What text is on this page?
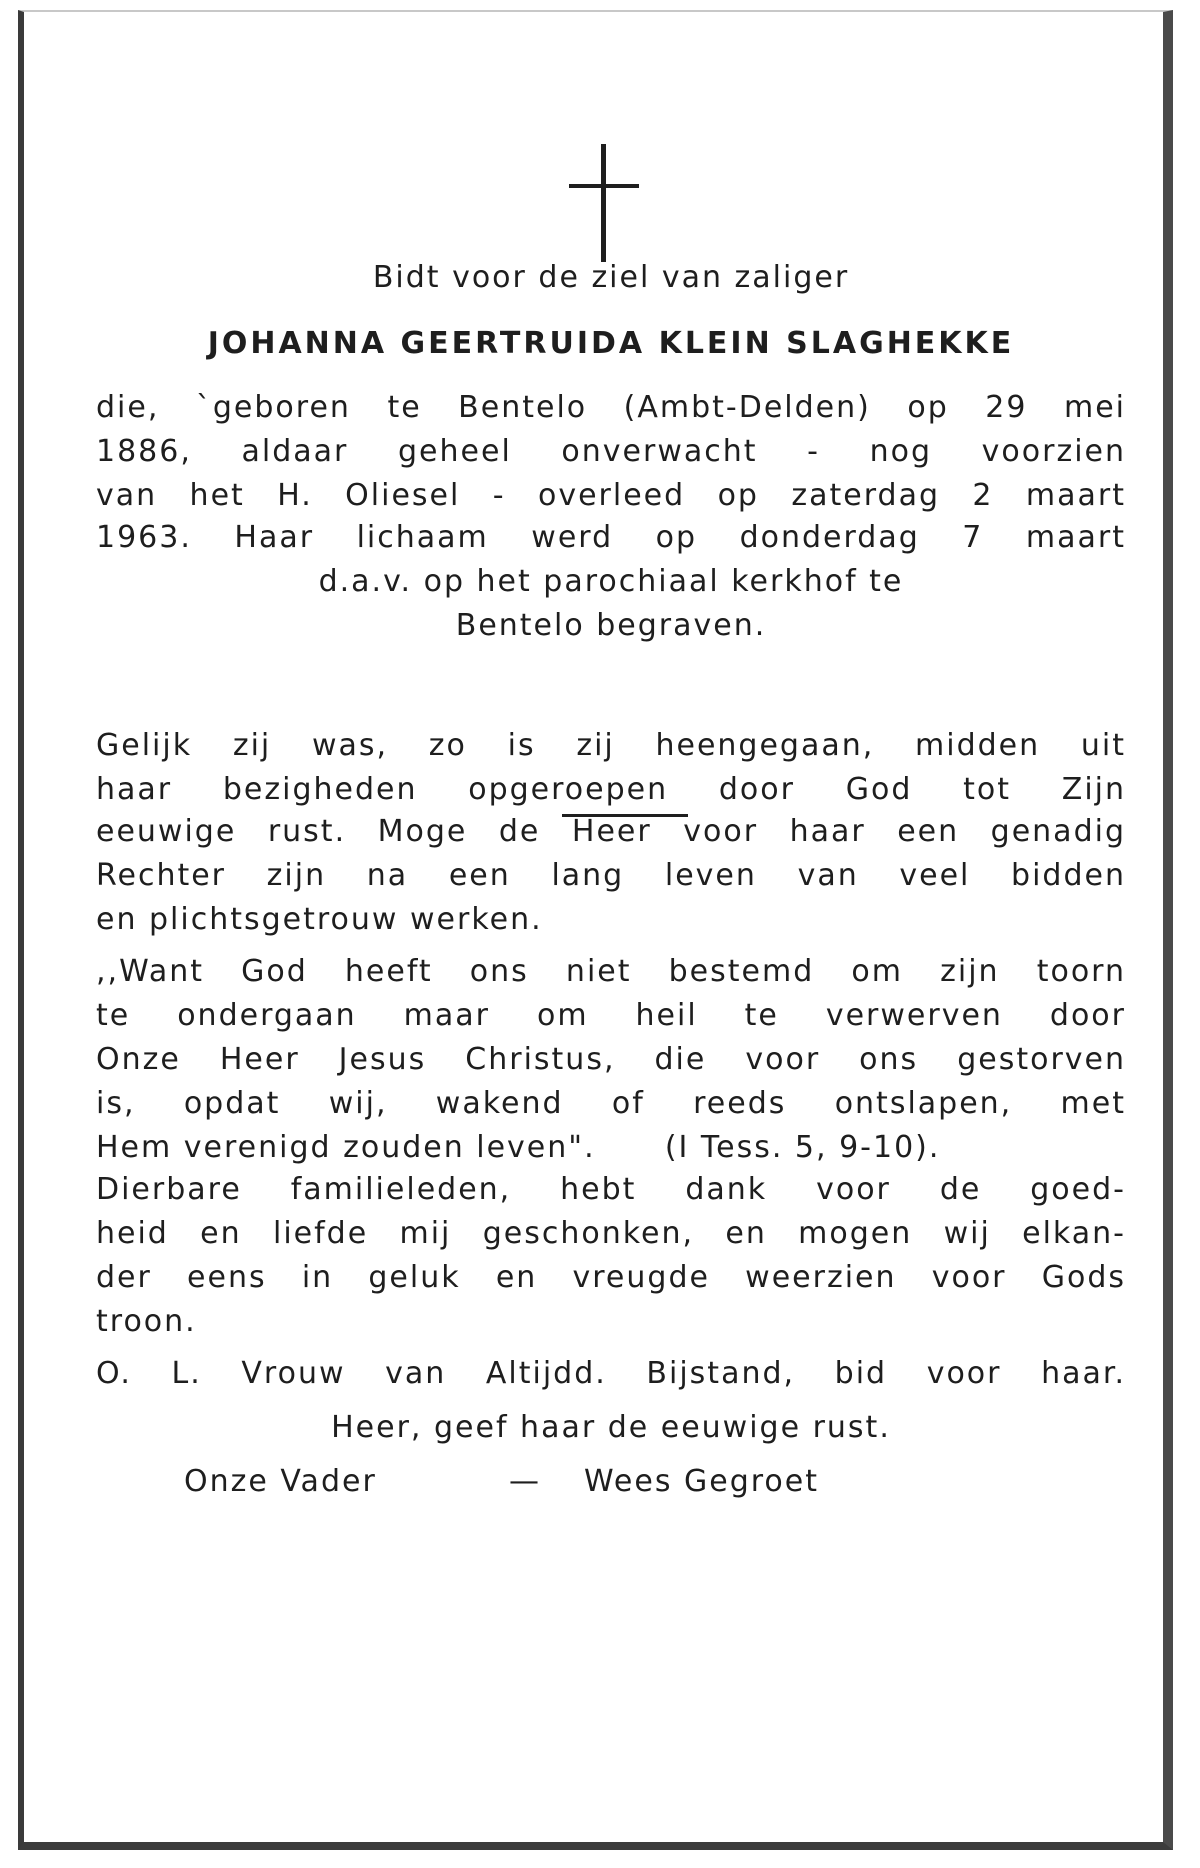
Bidt voor de ziel van zaliger
JOHANNA GEERTRUIDA KLEIN SLAGHEKKE
die, `geboren te Bentelo (Ambt-Delden) op 29 mei
1886, aldaar geheel onverwacht - nog voorzien
van het H. Oliesel - overleed op zaterdag 2 maart
1963. Haar lichaam werd op donderdag 7 maart
d.a.v. op het parochiaal kerkhof te
Bentelo begraven.
Gelijk zij was, zo is zij heengegaan, midden uit
haar bezigheden opgeroepen door God tot Zijn
eeuwige rust. Moge de Heer voor haar een genadig
Rechter zijn na een lang leven van veel bidden
en plichtsgetrouw werken.
,,Want God heeft ons niet bestemd om zijn toorn
te ondergaan maar om heil te verwerven door
Onze Heer Jesus Christus, die voor ons gestorven
is, opdat wij, wakend of reeds ontslapen, met
Hem verenigd zouden leven".      (I Tess. 5, 9-10).
Dierbare familieleden, hebt dank voor de goed-
heid en liefde mij geschonken, en mogen wij elkan-
der eens in geluk en vreugde weerzien voor Gods
troon.
O. L. Vrouw van Altijdd. Bijstand, bid voor haar.
Heer, geef haar de eeuwige rust.
Onze Vader	— Wees Gegroet
